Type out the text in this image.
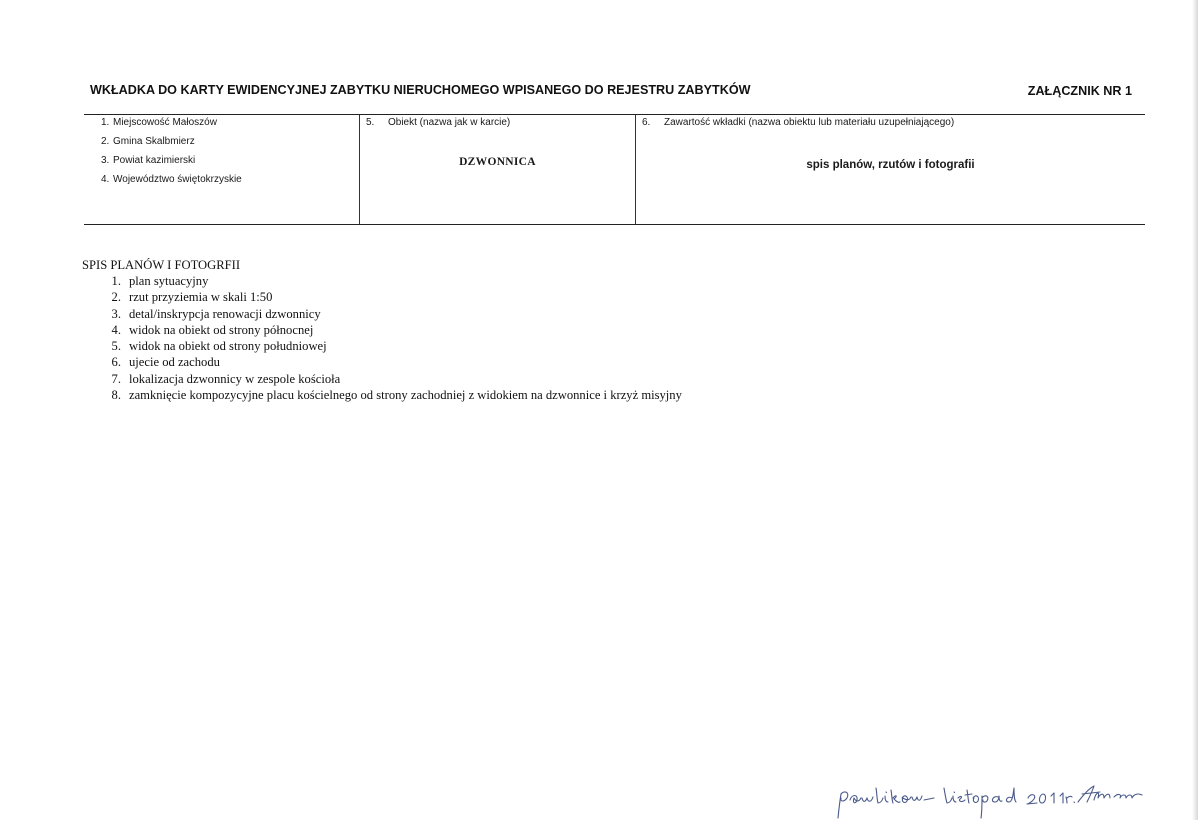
WKŁADKA DO KARTY EWIDENCYJNEJ ZABYTKU NIERUCHOMEGO WPISANEGO DO REJESTRU ZABYTKÓW	ZAŁĄCZNIK NR 1
1. Miejscowość Małoszów
2. Gmina Skalbmierz
3. Powiat kazimierski
4. Województwo świętokrzyskie
5. Obiekt (nazwa jak w karcie)
DZWONNICA
6. Zawartość wkładki (nazwa obiektu lub materiału uzupełniającego)
spis planów, rzutów i fotografii
SPIS PLANÓW I FOTOGRFII
1. plan sytuacyjny
2. rzut przyziemia w skali 1:50
3. detal/inskrypcja renowacji dzwonnicy
4. widok na obiekt od strony północnej
5. widok na obiekt od strony południowej
6. ujecie od zachodu
7. lokalizacja dzwonnicy w zespole kościoła
8. zamknięcie kompozycyjne placu kościelnego od strony zachodniej z widokiem na dzwonnice i krzyż misyjny
